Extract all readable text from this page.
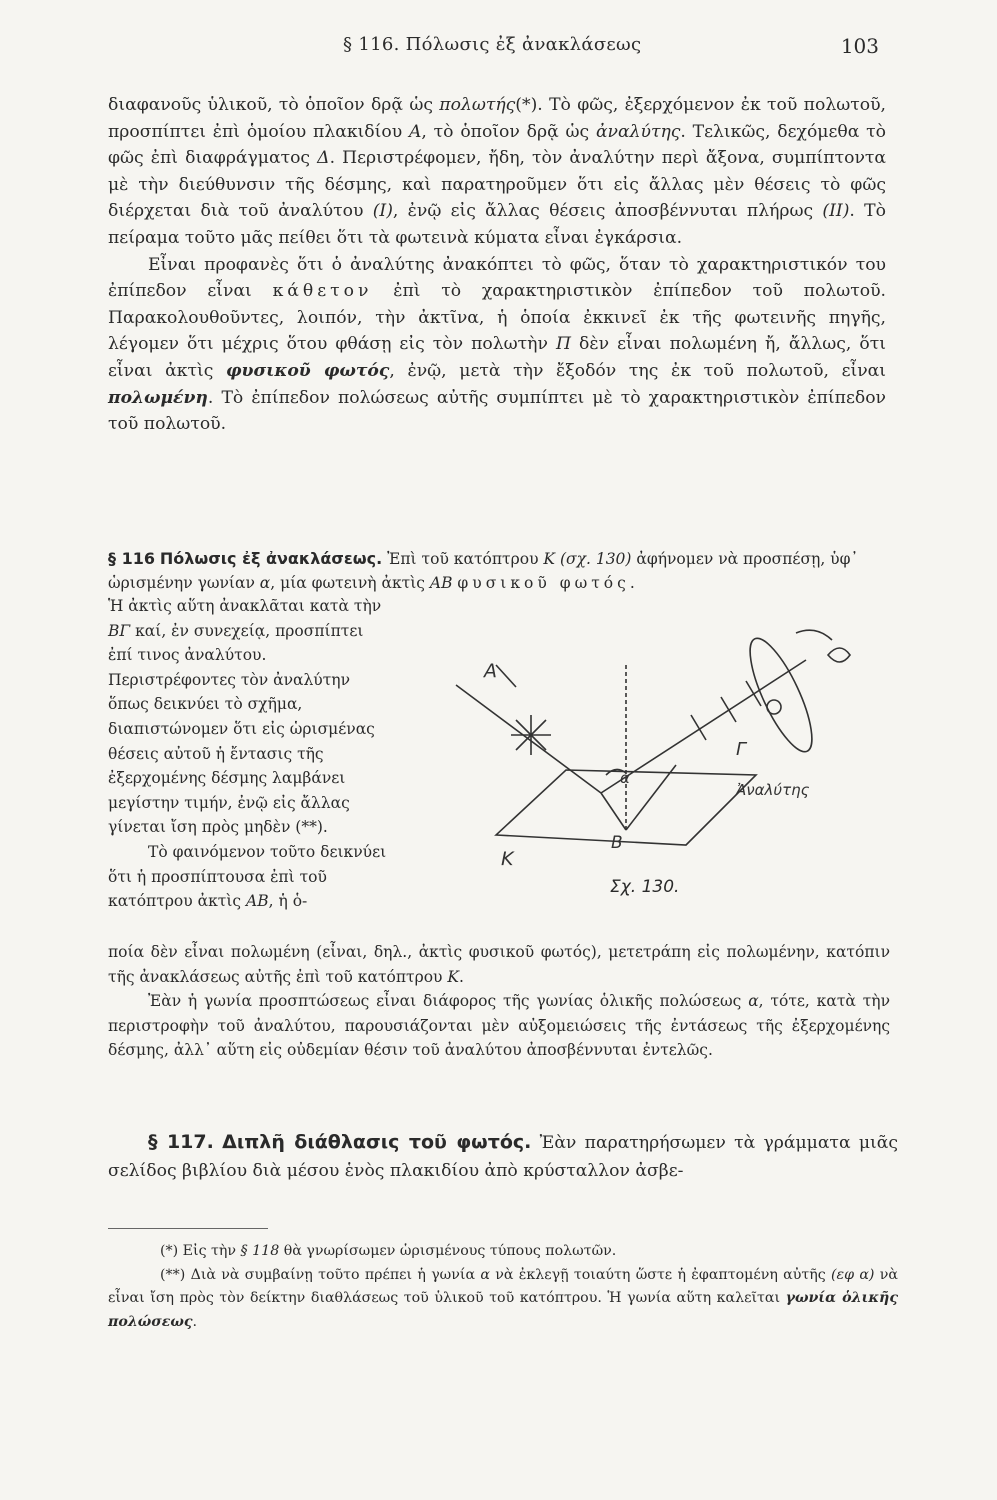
§ 116. Πόλωσις ἐξ ἀνακλάσεως	103

διαφανοῦς ὑλικοῦ, τὸ ὁποῖον δρᾷ ὡς πολωτής(*). Τὸ φῶς, ἐξερχόμενον ἐκ τοῦ πολωτοῦ, προσπίπτει ἐπὶ ὁμοίου πλακιδίου Α, τὸ ὁποῖον δρᾷ ὡς ἀναλύτης. Τελικῶς, δεχόμεθα τὸ φῶς ἐπὶ διαφράγματος Δ. Περιστρέφομεν, ἤδη, τὸν ἀναλύτην περὶ ἄξονα, συμπίπτοντα μὲ τὴν διεύθυνσιν τῆς δέσμης, καὶ παρατηροῦμεν ὅτι εἰς ἄλλας μὲν θέσεις τὸ φῶς διέρχεται διὰ τοῦ ἀναλύτου (Ι), ἐνῷ εἰς ἄλλας θέσεις ἀποσβέννυται πλήρως (ΙΙ). Τὸ πείραμα τοῦτο μᾶς πείθει ὅτι τὰ φωτεινὰ κύματα εἶναι ἐγκάρσια.

Εἶναι προφανὲς ὅτι ὁ ἀναλύτης ἀνακόπτει τὸ φῶς, ὅταν τὸ χαρακτηριστικόν του ἐπίπεδον εἶναι κάθετον ἐπὶ τὸ χαρακτηριστικὸν ἐπίπεδον τοῦ πολωτοῦ. Παρακολουθοῦντες, λοιπόν, τὴν ἀκτῖνα, ἡ ὁποία ἐκκινεῖ ἐκ τῆς φωτεινῆς πηγῆς, λέγομεν ὅτι μέχρις ὅτου φθάσῃ εἰς τὸν πολωτὴν Π δὲν εἶναι πολωμένη ἤ, ἄλλως, ὅτι εἶναι ἀκτὶς φυσικοῦ φωτός, ἐνῷ, μετὰ τὴν ἔξοδόν της ἐκ τοῦ πολωτοῦ, εἶναι πολωμένη. Τὸ ἐπίπεδον πολώσεως αὐτῆς συμπίπτει μὲ τὸ χαρακτηριστικὸν ἐπίπεδον τοῦ πολωτοῦ.

§ 116 Πόλωσις ἐξ ἀνακλάσεως. Ἐπὶ τοῦ κατόπτρου Κ (σχ. 130) ἀφήνομεν νὰ προσπέσῃ, ὑφ᾽ ὡρισμένην γωνίαν α, μία φωτεινὴ ἀκτὶς ΑΒ φυσικοῦ φωτός.

Ἡ ἀκτὶς αὕτη ἀνακλᾶται κατὰ τὴν ΒΓ καί, ἐν συνεχείᾳ, προσπίπτει ἐπί τινος ἀναλύτου. Περιστρέφοντες τὸν ἀναλύτην ὅπως δεικνύει τὸ σχῆμα, διαπιστώνομεν ὅτι εἰς ὡρισμένας θέσεις αὐτοῦ ἡ ἔντασις τῆς ἐξερχομένης δέσμης λαμβάνει μεγίστην τιμήν, ἐνῷ εἰς ἄλλας γίνεται ἴση πρὸς μηδὲν (**).

Τὸ φαινόμενον τοῦτο δεικνύει ὅτι ἡ προσπίπτουσα ἐπὶ τοῦ κατόπτρου ἀκτὶς ΑΒ, ἡ ὁ-

Α
Β
Κ
Γ
α
Ἀναλύτης
Σχ. 130.

ποία δὲν εἶναι πολωμένη (εἶναι, δηλ., ἀκτὶς φυσικοῦ φωτός), μετετράπη εἰς πολωμένην, κατόπιν τῆς ἀνακλάσεως αὐτῆς ἐπὶ τοῦ κατόπτρου Κ.

Ἐὰν ἡ γωνία προσπτώσεως εἶναι διάφορος τῆς γωνίας ὁλικῆς πολώσεως α, τότε, κατὰ τὴν περιστροφὴν τοῦ ἀναλύτου, παρουσιάζονται μὲν αὐξομειώσεις τῆς ἐντάσεως τῆς ἐξερχομένης δέσμης, ἀλλ᾽ αὕτη εἰς οὐδεμίαν θέσιν τοῦ ἀναλύτου ἀποσβέννυται ἐντελῶς.

§ 117. Διπλῆ διάθλασις τοῦ φωτός. Ἐὰν παρατηρήσωμεν τὰ γράμματα μιᾶς σελίδος βιβλίου διὰ μέσου ἑνὸς πλακιδίου ἀπὸ κρύσταλλον ἀσβε-

(*) Εἰς τὴν § 118 θὰ γνωρίσωμεν ὡρισμένους τύπους πολωτῶν.

(**) Διὰ νὰ συμβαίνῃ τοῦτο πρέπει ἡ γωνία α νὰ ἐκλεγῇ τοιαύτη ὥστε ἡ ἐφαπτομένη αὐτῆς (εφ α) νὰ εἶναι ἴση πρὸς τὸν δείκτην διαθλάσεως τοῦ ὑλικοῦ τοῦ κατόπτρου. Ἡ γωνία αὕτη καλεῖται γωνία ὁλικῆς πολώσεως.
